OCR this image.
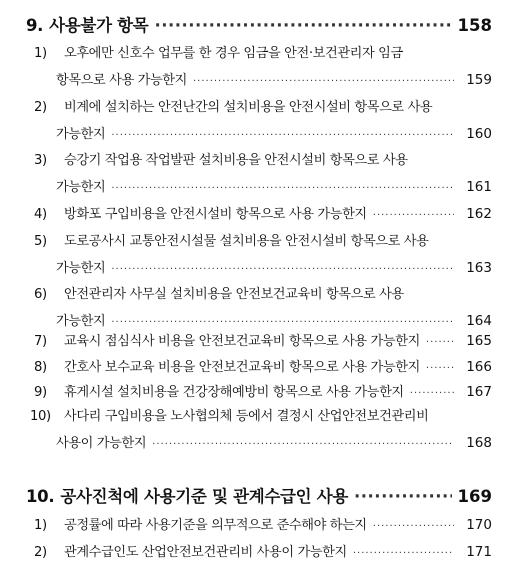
9. 사용불가 항목 ·····	158
1)	오후에만 신호수 업무를 한 경우 임금을 안전·보건관리자 임금
항목으로 사용 가능한지 ·····	159
2)	비계에 설치하는 안전난간의 설치비용을 안전시설비 항목으로 사용
가능한지 ·····	160
3)	승강기 작업용 작업발판 설치비용을 안전시설비 항목으로 사용
가능한지 ·····	161
4)	방화포 구입비용을 안전시설비 항목으로 사용 가능한지 ·····	162
5)	도로공사시 교통안전시설물 설치비용을 안전시설비 항목으로 사용
가능한지 ·····	163
6)	안전관리자 사무실 설치비용을 안전보건교육비 항목으로 사용
가능한지 ·····	164
7)	교육시 점심식사 비용을 안전보건교육비 항목으로 사용 가능한지 ·····	165
8)	간호사 보수교육 비용을 안전보건교육비 항목으로 사용 가능한지 ·····	166
9)	휴게시설 설치비용을 건강장해예방비 항목으로 사용 가능한지 ·····	167
10)	사다리 구입비용을 노사협의체 등에서 결정시 산업안전보건관리비
사용이 가능한지 ·····	168
10. 공사진척에 사용기준 및 관계수급인 사용 ·····	169
1)	공정률에 따라 사용기준을 의무적으로 준수해야 하는지 ·····	170
2)	관계수급인도 산업안전보건관리비 사용이 가능한지 ·····	171
